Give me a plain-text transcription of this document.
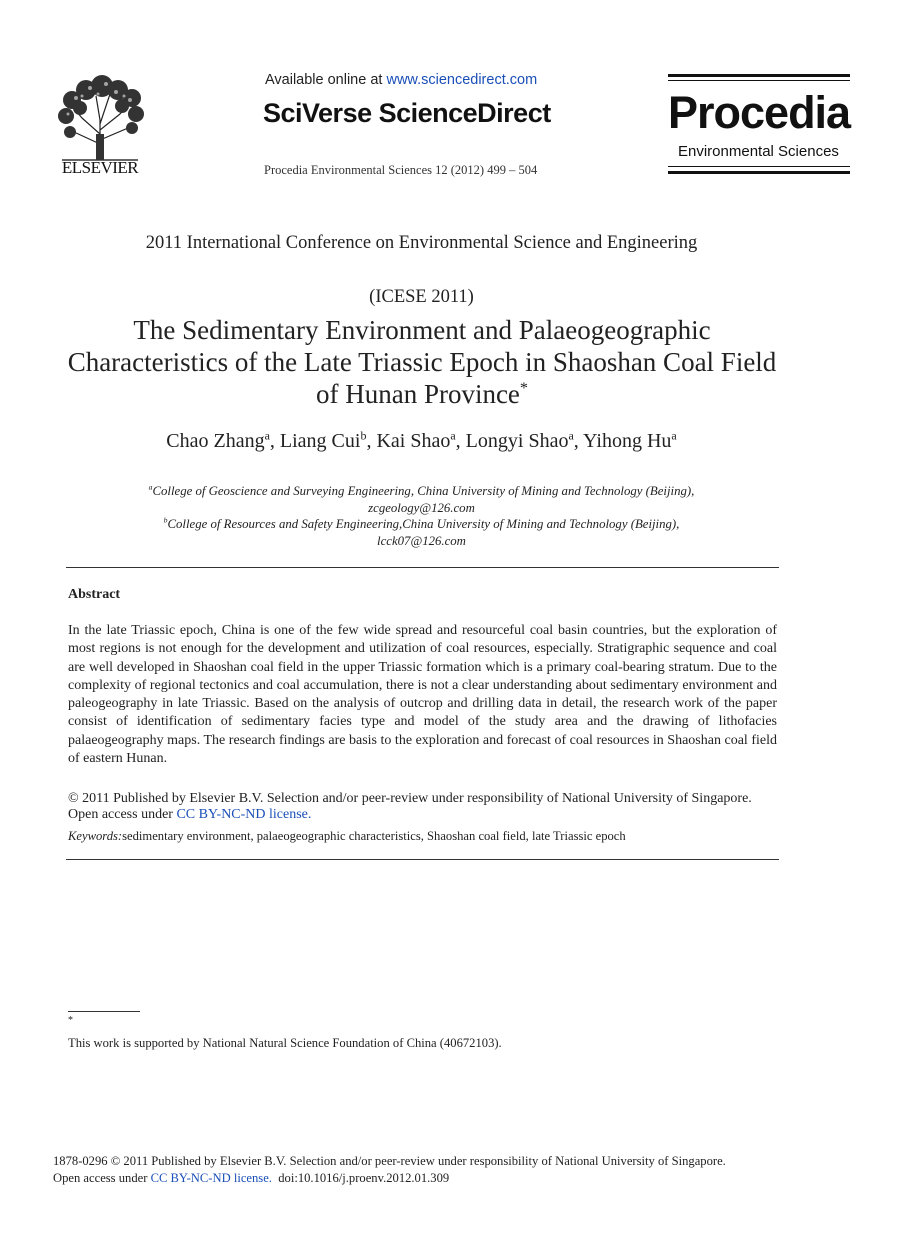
ELSEVIER
Available online at www.sciencedirect.com
SciVerse ScienceDirect
Procedia Environmental Sciences 12 (2012) 499 – 504
Procedia
Environmental Sciences
2011 International Conference on Environmental Science and Engineering
(ICESE 2011)
The Sedimentary Environment and Palaeogeographic Characteristics of the Late Triassic Epoch in Shaoshan Coal Field of Hunan Province*
Chao Zhang$^a$, Liang Cui$^b$, Kai Shao$^a$, Longyi Shao$^a$, Yihong Hu$^a$
$^a$College of Geoscience and Surveying Engineering, China University of Mining and Technology (Beijing),
zcgeology@126.com
$^b$College of Resources and Safety Engineering,China University of Mining and Technology (Beijing),
lcck07@126.com
Abstract
In the late Triassic epoch, China is one of the few wide spread and resourceful coal basin countries, but the exploration of most regions is not enough for the development and utilization of coal resources, especially. Stratigraphic sequence and coal are well developed in Shaoshan coal field in the upper Triassic formation which is a primary coal-bearing stratum. Due to the complexity of regional tectonics and coal accumulation, there is not a clear understanding about sedimentary environment and paleogeography in late Triassic. Based on the analysis of outcrop and drilling data in detail, the research work of the paper consist of identification of sedimentary facies type and model of the study area and the drawing of lithofacies palaeogeography maps. The research findings are basis to the exploration and forecast of coal resources in Shaoshan coal field of eastern Hunan.
© 2011 Published by Elsevier B.V. Selection and/or peer-review under responsibility of National University of Singapore.
Open access under CC BY-NC-ND license.
Keywords:sedimentary environment, palaeogeographic characteristics, Shaoshan coal field, late Triassic epoch
*
This work is supported by National Natural Science Foundation of China (40672103).
1878-0296 © 2011 Published by Elsevier B.V. Selection and/or peer-review under responsibility of National University of Singapore.
Open access under CC BY-NC-ND license. doi:10.1016/j.proenv.2012.01.309
